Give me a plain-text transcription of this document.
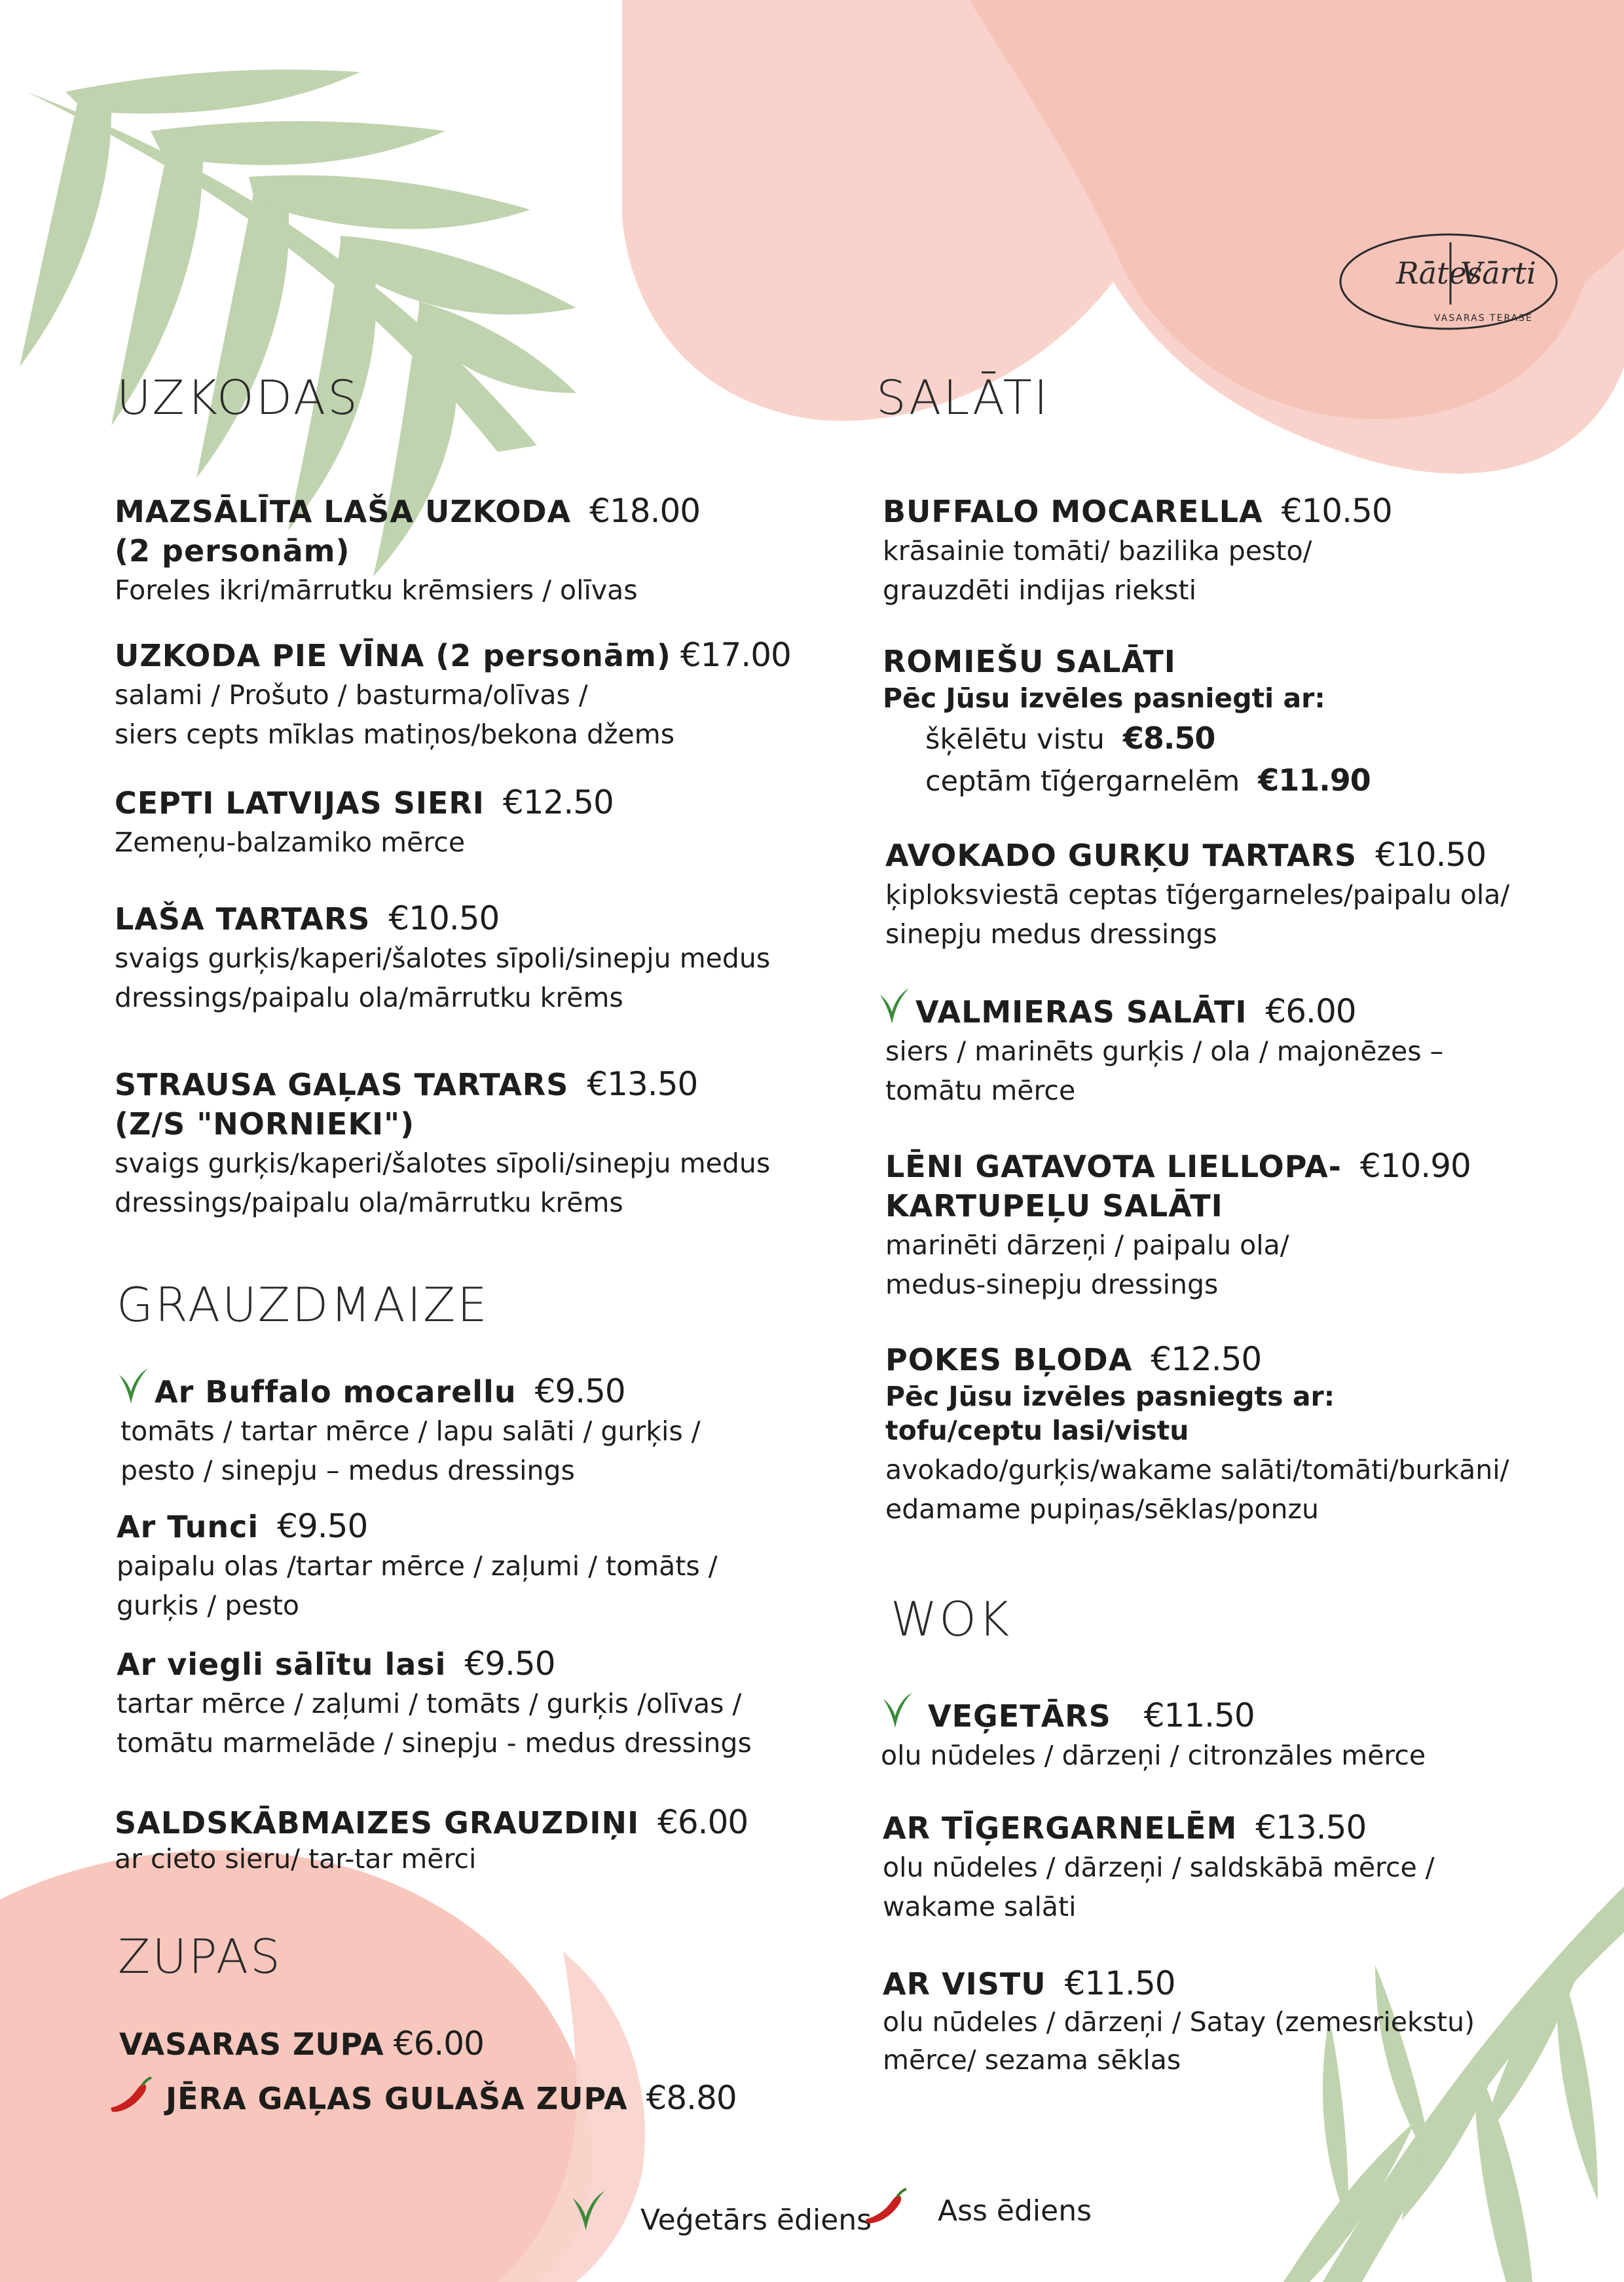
Rātes
Vārti
VASARAS TERASE
UZKODAS
MAZSĀLĪTA LAŠA UZKODA €18.00
(2 personām)
Foreles ikri/mārrutku krēmsiers / olīvas
UZKODA PIE VĪNA (2 personām) €17.00
salami / Prošuto / basturma/olīvas /
siers cepts mīklas matiņos/bekona džems
CEPTI LATVIJAS SIERI €12.50
Zemeņu-balzamiko mērce
LAŠA TARTARS €10.50
svaigs gurķis/kaperi/šalotes sīpoli/sinepju medus
dressings/paipalu ola/mārrutku krēms
STRAUSA GAĻAS TARTARS €13.50
(Z/S "NORNIEKI")
svaigs gurķis/kaperi/šalotes sīpoli/sinepju medus
dressings/paipalu ola/mārrutku krēms
GRAUZDMAIZE
Ar Buffalo mocarellu €9.50
tomāts / tartar mērce / lapu salāti / gurķis /
pesto / sinepju – medus dressings
Ar Tunci €9.50
paipalu olas /tartar mērce / zaļumi / tomāts /
gurķis / pesto
Ar viegli sālītu lasi €9.50
tartar mērce / zaļumi / tomāts / gurķis /olīvas /
tomātu marmelāde / sinepju - medus dressings
SALDSKĀBMAIZES GRAUZDIŅI €6.00
ar cieto sieru/ tar-tar mērci
ZUPAS
VASARAS ZUPA €6.00
JĒRA GAĻAS GULAŠA ZUPA €8.80
SALĀTI
BUFFALO MOCARELLA €10.50
krāsainie tomāti/ bazilika pesto/
grauzdēti indijas rieksti
ROMIEŠU SALĀTI
Pēc Jūsu izvēles pasniegti ar:
šķēlētu vistu €8.50
ceptām tīģergarnelēm €11.90
AVOKADO GURĶU TARTARS €10.50
ķiploksviestā ceptas tīģergarneles/paipalu ola/
sinepju medus dressings
VALMIERAS SALĀTI €6.00
siers / marinēts gurķis / ola / majonēzes –
tomātu mērce
LĒNI GATAVOTA LIELLOPA- €10.90
KARTUPEĻU SALĀTI
marinēti dārzeņi / paipalu ola/
medus-sinepju dressings
POKES BĻODA €12.50
Pēc Jūsu izvēles pasniegts ar:
tofu/ceptu lasi/vistu
avokado/gurķis/wakame salāti/tomāti/burkāni/
edamame pupiņas/sēklas/ponzu
WOK
VEĢETĀRS €11.50
olu nūdeles / dārzeņi / citronzāles mērce
AR TĪĢERGARNELĒM €13.50
olu nūdeles / dārzeņi / saldskābā mērce /
wakame salāti
AR VISTU €11.50
olu nūdeles / dārzeņi / Satay (zemesriekstu)
mērce/ sezama sēklas
Veģetārs ēdiens	Ass ēdiens
